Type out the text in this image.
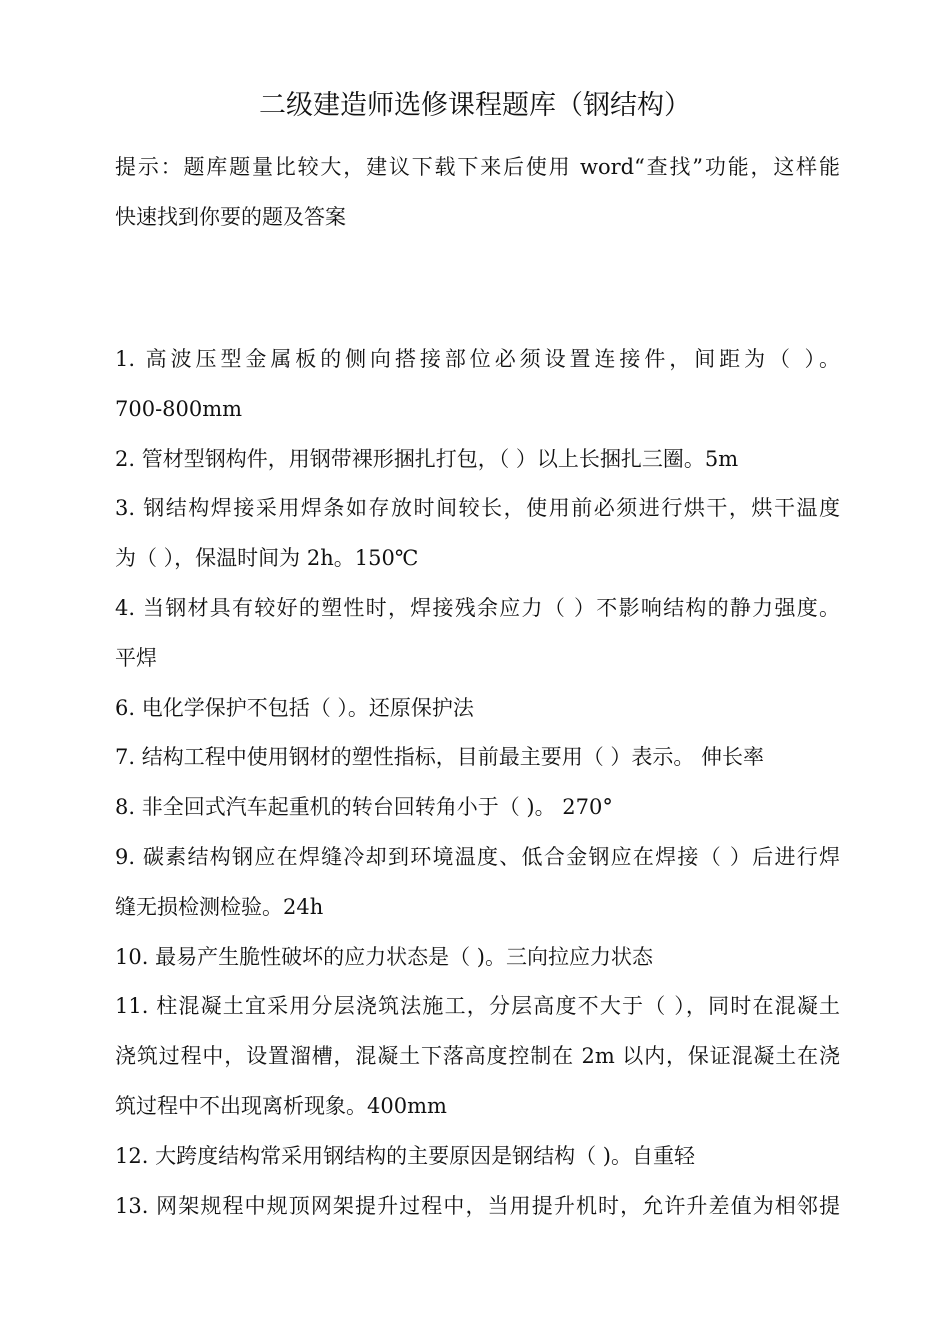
二级建造师选修课程题库（钢结构）
提示：题库题量比较大，建议下载下来后使用 word“查找”功能，这样能
快速找到你要的题及答案
1. 高波压型金属板的侧向搭接部位必须设置连接件，间距为（ ）。
700-800mm
2. 管材型钢构件，用钢带裸形捆扎打包，（ ）以上长捆扎三圈。5m
3. 钢结构焊接采用焊条如存放时间较长，使用前必须进行烘干，烘干温度
为（ ），保温时间为 2h。150℃
4. 当钢材具有较好的塑性时，焊接残余应力（ ）不影响结构的静力强度。
平焊
6. 电化学保护不包括（ ）。还原保护法
7. 结构工程中使用钢材的塑性指标，目前最主要用（ ）表示。 伸长率
8. 非全回式汽车起重机的转台回转角小于（ )。 270°
9. 碳素结构钢应在焊缝冷却到环境温度、低合金钢应在焊接（ ）后进行焊
缝无损检测检验。24h
10. 最易产生脆性破坏的应力状态是（ )。三向拉应力状态
11. 柱混凝土宜采用分层浇筑法施工，分层高度不大于（ ），同时在混凝土
浇筑过程中，设置溜槽，混凝土下落高度控制在 2m 以内，保证混凝土在浇
筑过程中不出现离析现象。400mm
12. 大跨度结构常采用钢结构的主要原因是钢结构（ )。自重轻
13. 网架规程中规顶网架提升过程中，当用提升机时，允许升差值为相邻提
